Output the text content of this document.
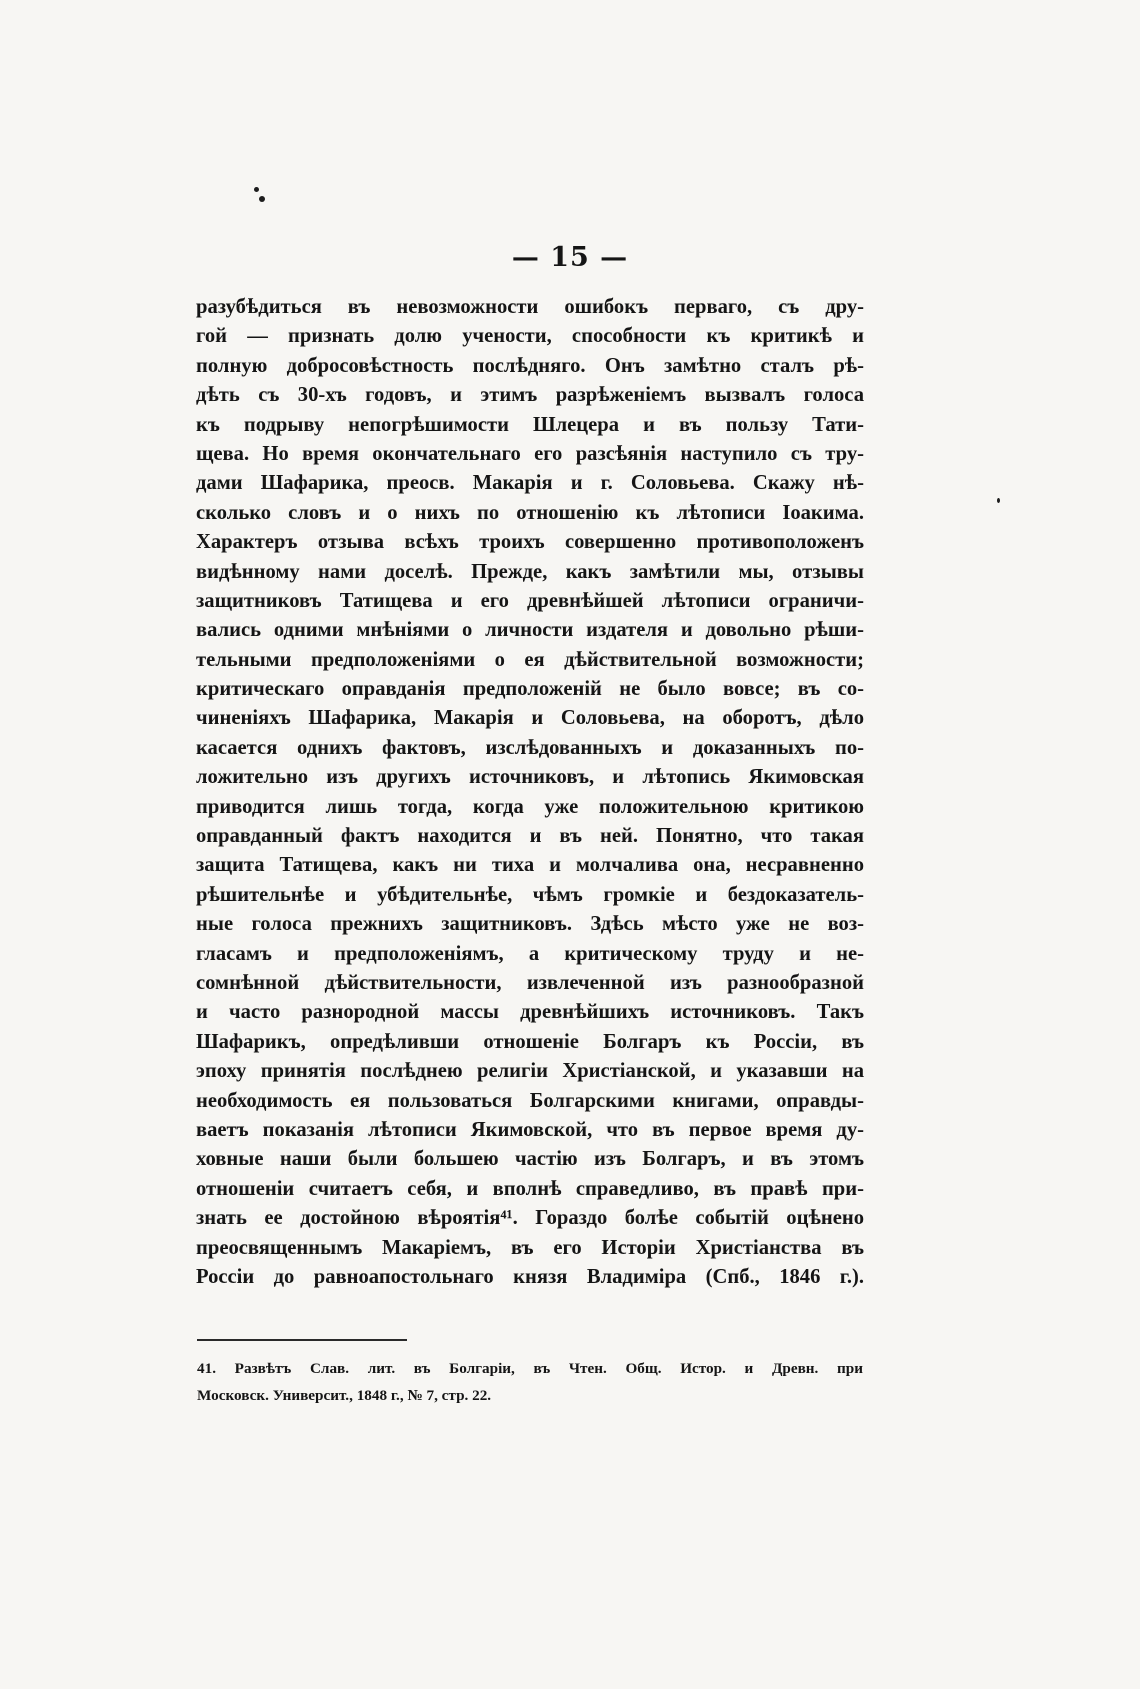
— 15 —
разубѣдиться въ невозможности ошибокъ перваго, съ дру-
гой — признать долю учености, способности къ критикѣ и
полную добросовѣстность послѣдняго. Онъ замѣтно сталъ рѣ-
дѣть съ 30-хъ годовъ, и этимъ разрѣженіемъ вызвалъ голоса
къ подрыву непогрѣшимости Шлецера и въ пользу Тати-
щева. Но время окончательнаго его разсѣянія наступило съ тру-
дами Шафарика, преосв. Макарія и г. Соловьева. Скажу нѣ-
сколько словъ и о нихъ по отношенію къ лѣтописи Іоакима.
Характеръ отзыва всѣхъ троихъ совершенно противоположенъ
видѣнному нами доселѣ. Прежде, какъ замѣтили мы, отзывы
защитниковъ Татищева и его древнѣйшей лѣтописи ограничи-
вались одними мнѣніями о личности издателя и довольно рѣши-
тельными предположеніями о ея дѣйствительной возможности;
критическаго оправданія предположеній не было вовсе; въ со-
чиненіяхъ Шафарика, Макарія и Соловьева, на оборотъ, дѣло
касается однихъ фактовъ, изслѣдованныхъ и доказанныхъ по-
ложительно изъ другихъ источниковъ, и лѣтопись Якимовская
приводится лишь тогда, когда уже положительною критикою
оправданный фактъ находится и въ ней. Понятно, что такая
защита Татищева, какъ ни тиха и молчалива она, несравненно
рѣшительнѣе и убѣдительнѣе, чѣмъ громкіе и бездоказатель-
ные голоса прежнихъ защитниковъ. Здѣсь мѣсто уже не воз-
гласамъ и предположеніямъ, а критическому труду и не-
сомнѣнной дѣйствительности, извлеченной изъ разнообразной
и часто разнородной массы древнѣйшихъ источниковъ. Такъ
Шафарикъ, опредѣливши отношеніе Болгаръ къ Россіи, въ
эпоху принятія послѣднею религіи Христіанской, и указавши на
необходимость ея пользоваться Болгарскими книгами, оправды-
ваетъ показанія лѣтописи Якимовской, что въ первое время ду-
ховные наши были большею частію изъ Болгаръ, и въ этомъ
отношеніи считаетъ себя, и вполнѣ справедливо, въ правѣ при-
знать ее достойною вѣроятія⁴¹. Гораздо болѣе событій оцѣнено
преосвященнымъ Макаріемъ, въ его Исторіи Христіанства въ
Россіи до равноапостольнаго князя Владиміра (Спб., 1846 г.).
41. Развѣтъ Слав. лит. въ Болгаріи, въ Чтен. Общ. Истор. и Древн. при
Московск. Университ., 1848 г., № 7, стр. 22.
